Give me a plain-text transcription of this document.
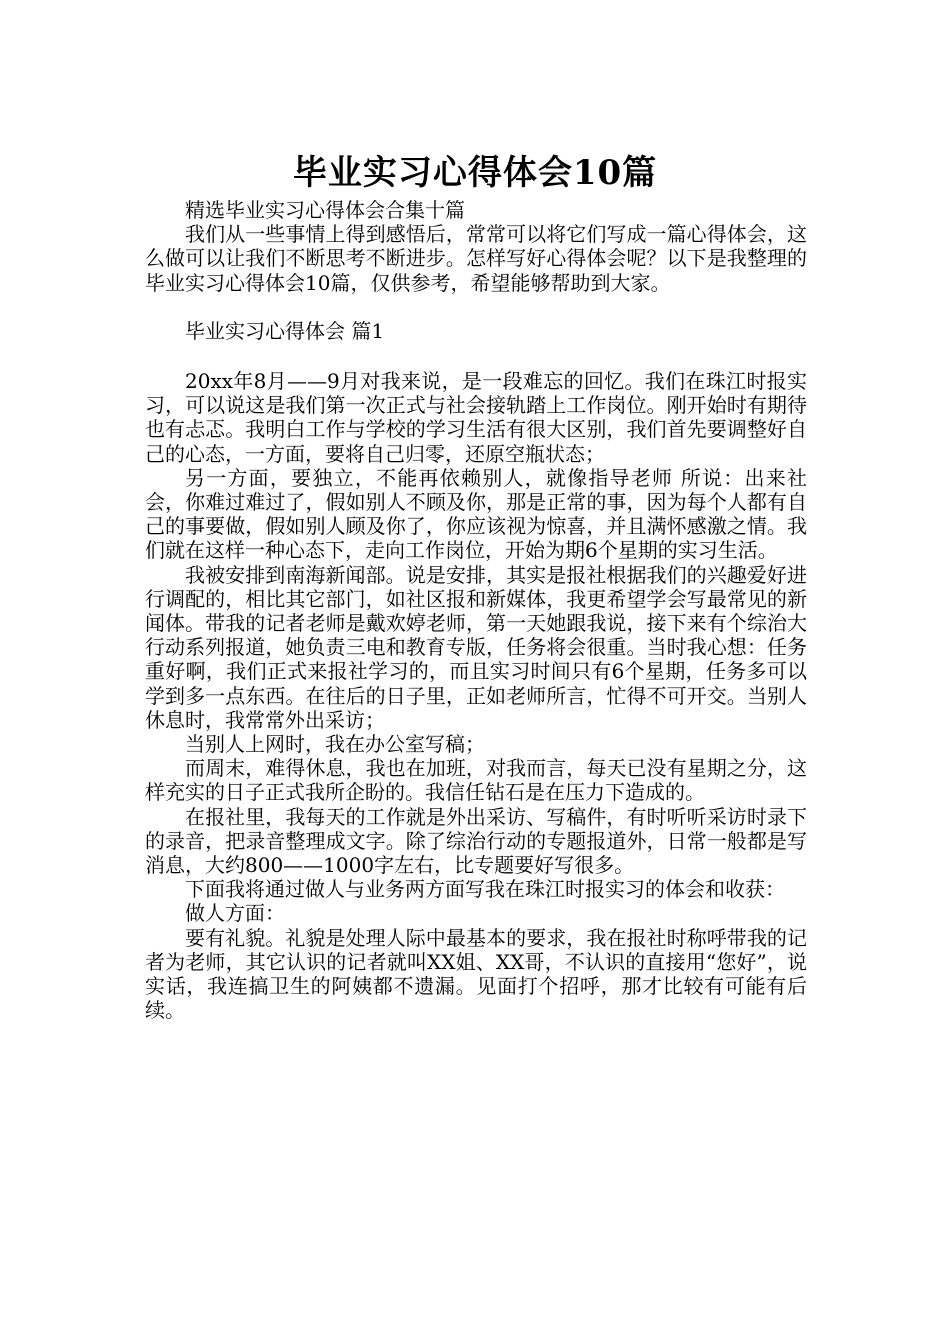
毕业实习心得体会10篇

精选毕业实习心得体会合集十篇

我们从一些事情上得到感悟后，常常可以将它们写成一篇心得体会，这么做可以让我们不断思考不断进步。怎样写好心得体会呢？以下是我整理的毕业实习心得体会10篇，仅供参考，希望能够帮助到大家。

毕业实习心得体会 篇1

20xx年8月——9月对我来说，是一段难忘的回忆。我们在珠江时报实习，可以说这是我们第一次正式与社会接轨踏上工作岗位。刚开始时有期待也有忐忑。我明白工作与学校的学习生活有很大区别，我们首先要调整好自己的心态，一方面，要将自己归零，还原空瓶状态；

另一方面，要独立，不能再依赖别人，就像指导老师 所说：出来社会，你难过难过了，假如别人不顾及你，那是正常的事，因为每个人都有自己的事要做，假如别人顾及你了，你应该视为惊喜，并且满怀感激之情。我们就在这样一种心态下，走向工作岗位，开始为期6个星期的实习生活。

我被安排到南海新闻部。说是安排，其实是报社根据我们的兴趣爱好进行调配的，相比其它部门，如社区报和新媒体，我更希望学会写最常见的新闻体。带我的记者老师是戴欢婷老师，第一天她跟我说，接下来有个综治大行动系列报道，她负责三电和教育专版，任务将会很重。当时我心想：任务重好啊，我们正式来报社学习的，而且实习时间只有6个星期，任务多可以学到多一点东西。在往后的日子里，正如老师所言，忙得不可开交。当别人休息时，我常常外出采访；

当别人上网时，我在办公室写稿；

而周末，难得休息，我也在加班，对我而言，每天已没有星期之分，这样充实的日子正式我所企盼的。我信任钻石是在压力下造成的。

在报社里，我每天的工作就是外出采访、写稿件，有时听听采访时录下的录音，把录音整理成文字。除了综治行动的专题报道外，日常一般都是写消息，大约800——1000字左右，比专题要好写很多。

下面我将通过做人与业务两方面写我在珠江时报实习的体会和收获：

做人方面：

要有礼貌。礼貌是处理人际中最基本的要求，我在报社时称呼带我的记者为老师，其它认识的记者就叫XX姐、XX哥，不认识的直接用“您好”，说实话，我连搞卫生的阿姨都不遗漏。见面打个招呼，那才比较有可能有后续。
